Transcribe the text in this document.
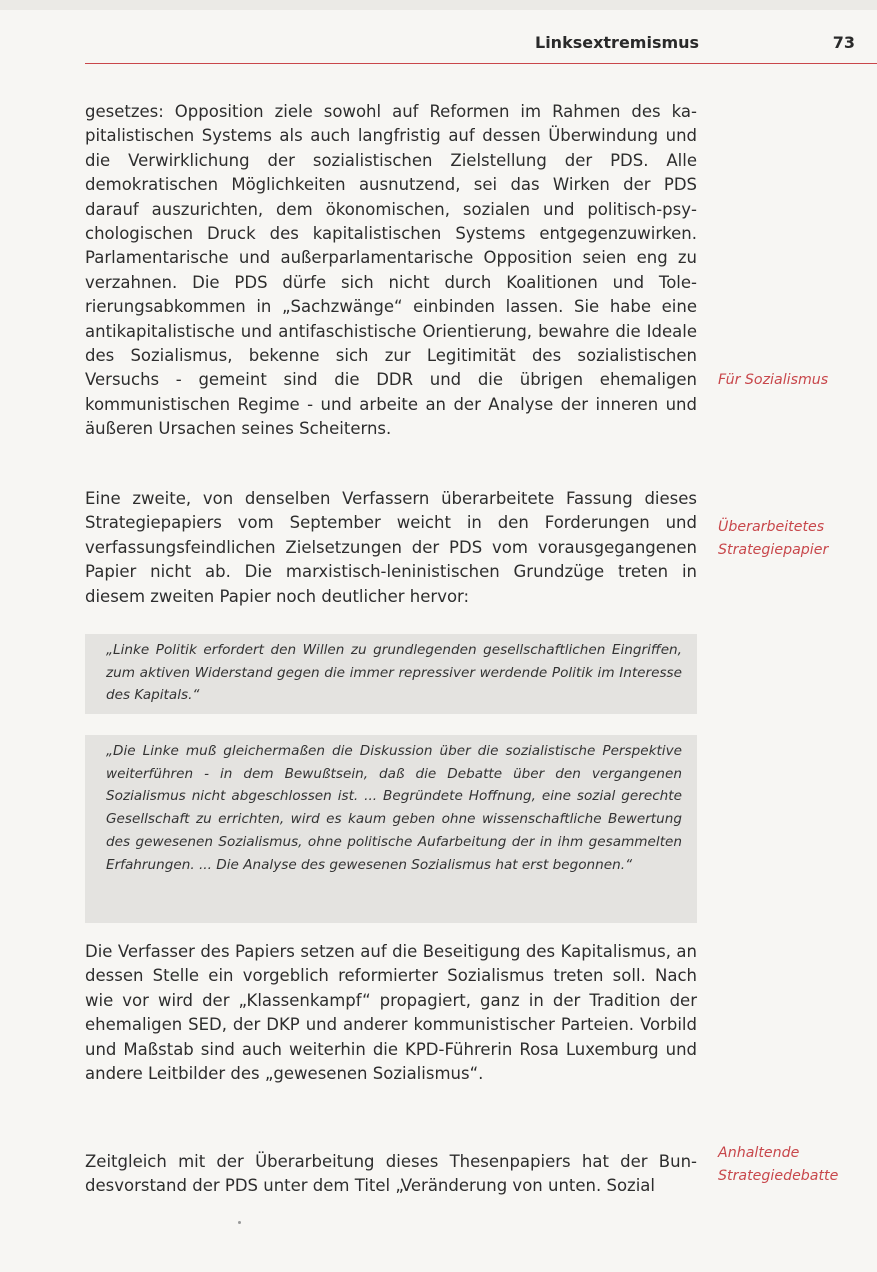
Linksextremismus	73

gesetzes: Opposition ziele sowohl auf Reformen im Rahmen des kapitalistischen Systems als auch langfristig auf dessen Überwindung und die Verwirklichung der sozialistischen Zielstellung der PDS. Alle demokratischen Möglichkeiten ausnutzend, sei das Wirken der PDS darauf auszurichten, dem ökonomischen, sozialen und politisch-psychologischen Druck des kapitalistischen Systems entgegenzuwirken. Parlamentarische und außerparlamentarische Opposition seien eng zu verzahnen. Die PDS dürfe sich nicht durch Koalitionen und Tolerierungsabkommen in „Sachzwänge“ einbinden lassen. Sie habe eine antikapitalistische und antifaschistische Orientierung, bewahre die Ideale des Sozialismus, bekenne sich zur Legitimität des sozialistischen Versuchs - gemeint sind die DDR und die übrigen ehemaligen kommunistischen Regime - und arbeite an der Analyse der inneren und äußeren Ursachen seines Scheiterns.

Eine zweite, von denselben Verfassern überarbeitete Fassung dieses Strategiepapiers vom September weicht in den Forderungen und verfassungsfeindlichen Zielsetzungen der PDS vom vorausgegangenen Papier nicht ab. Die marxistisch-leninistischen Grundzüge treten in diesem zweiten Papier noch deutlicher hervor:

„Linke Politik erfordert den Willen zu grundlegenden gesellschaftlichen Eingriffen, zum aktiven Widerstand gegen die immer repressiver werdende Politik im Interesse des Kapitals.“
„Die Linke muß gleichermaßen die Diskussion über die sozialistische Perspektive weiterführen - in dem Bewußtsein, daß die Debatte über den vergangenen Sozialismus nicht abgeschlossen ist. ... Begründete Hoffnung, eine sozial gerechte Gesellschaft zu errichten, wird es kaum geben ohne wissenschaftliche Bewertung des gewesenen Sozialismus, ohne politische Aufarbeitung der in ihm gesammelten Erfahrungen. ... Die Analyse des gewesenen Sozialismus hat erst begonnen.“

Die Verfasser des Papiers setzen auf die Beseitigung des Kapitalismus, an dessen Stelle ein vorgeblich reformierter Sozialismus treten soll. Nach wie vor wird der „Klassenkampf“ propagiert, ganz in der Tradition der ehemaligen SED, der DKP und anderer kommunistischer Parteien. Vorbild und Maßstab sind auch weiterhin die KPD-Führerin Rosa Luxemburg und andere Leitbilder des „gewesenen Sozialismus“.

Zeitgleich mit der Überarbeitung dieses Thesenpapiers hat der Bundesvorstand der PDS unter dem Titel „Veränderung von unten. Sozial

Für Sozialismus
Überarbeitetes
Strategiepapier
Anhaltende
Strategiedebatte
